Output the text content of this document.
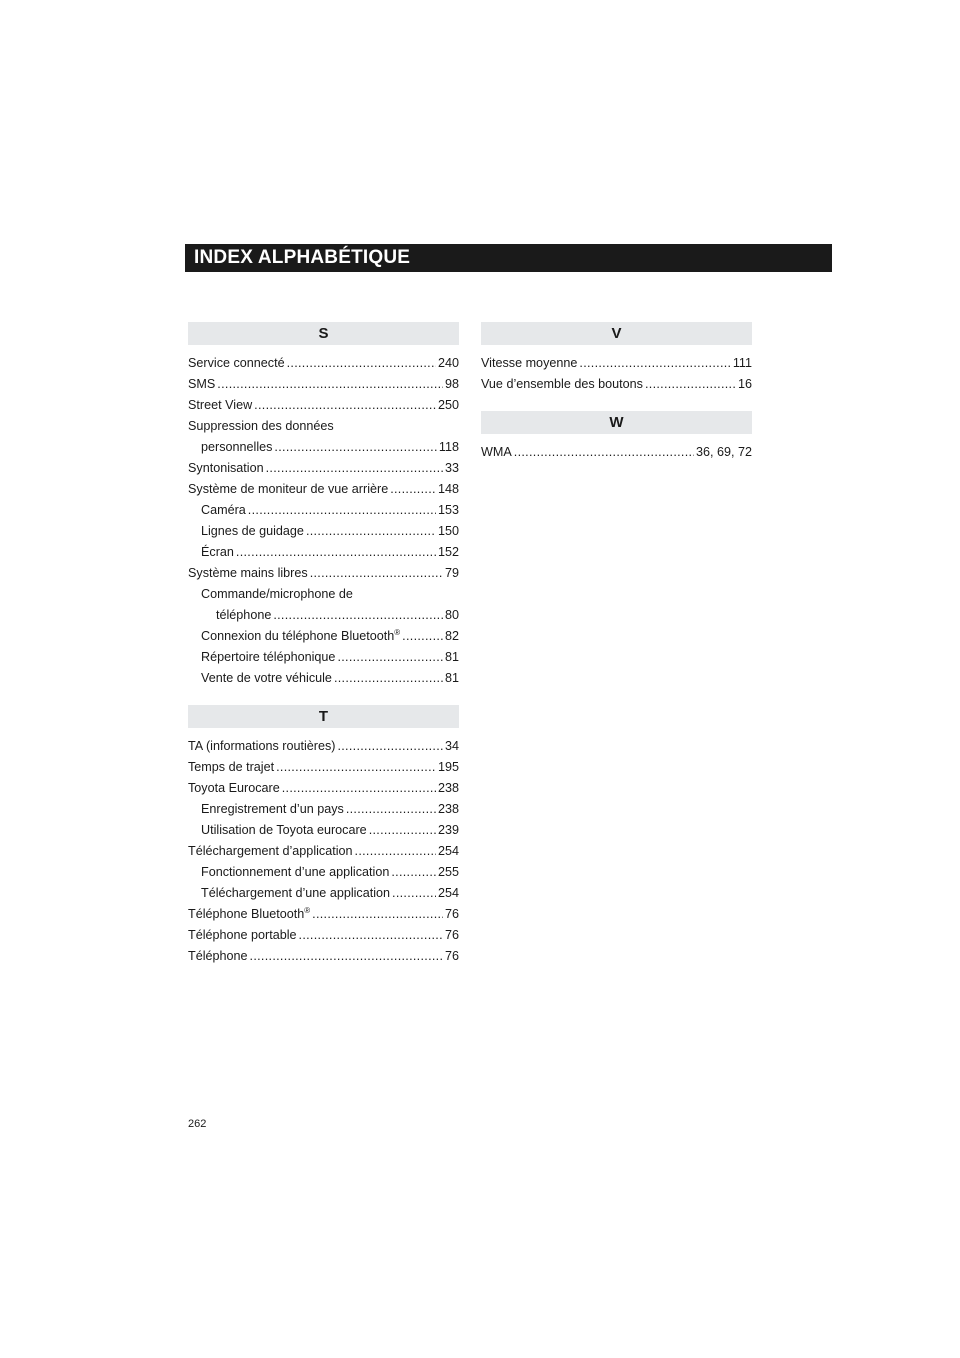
INDEX ALPHABÉTIQUE
S
Service connecté .....	240
SMS .....	98
Street View .....	250
Suppression des données
personnelles .....	118
Syntonisation .....	33
Système de moniteur de vue arrière .....	148
Caméra .....	153
Lignes de guidage .....	150
Écran .....	152
Système mains libres .....	79
Commande/microphone de
téléphone .....	80
Connexion du téléphone Bluetooth® .....	82
Répertoire téléphonique .....	81
Vente de votre véhicule .....	81
T
TA (informations routières) .....	34
Temps de trajet .....	195
Toyota Eurocare .....	238
Enregistrement d’un pays .....	238
Utilisation de Toyota eurocare .....	239
Téléchargement d’application .....	254
Fonctionnement d’une application .....	255
Téléchargement d’une application .....	254
Téléphone Bluetooth® .....	76
Téléphone portable .....	76
Téléphone .....	76
V
Vitesse moyenne .....	111
Vue d’ensemble des boutons .....	16
W
WMA .....	36, 69, 72
262
